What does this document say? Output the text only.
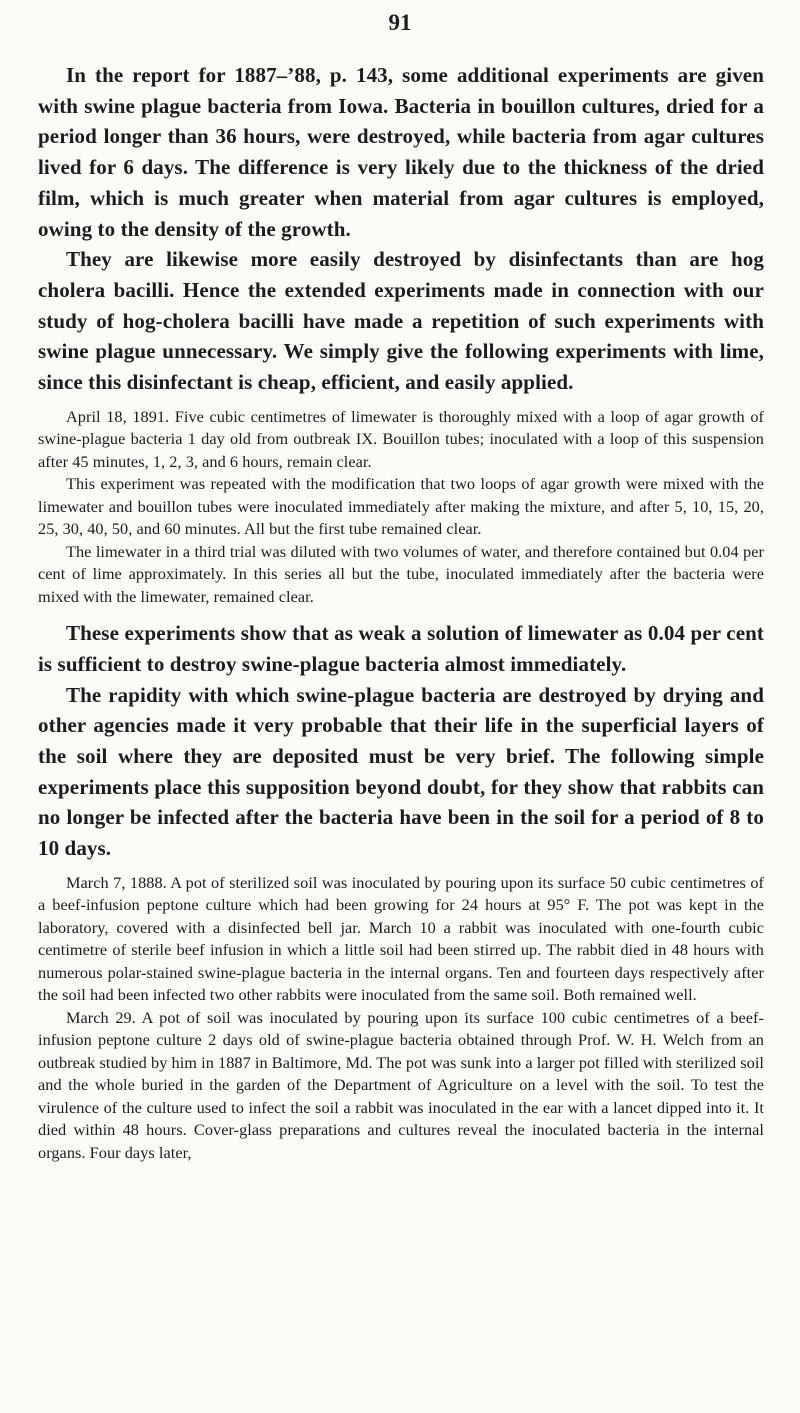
91

In the report for 1887–’88, p. 143, some additional experiments are given with swine plague bacteria from Iowa. Bacteria in bouillon cultures, dried for a period longer than 36 hours, were destroyed, while bacteria from agar cultures lived for 6 days. The difference is very likely due to the thickness of the dried film, which is much greater when material from agar cultures is employed, owing to the density of the growth.

They are likewise more easily destroyed by disinfectants than are hog cholera bacilli. Hence the extended experiments made in connection with our study of hog-cholera bacilli have made a repetition of such experiments with swine plague unnecessary. We simply give the following experiments with lime, since this disinfectant is cheap, efficient, and easily applied.

April 18, 1891. Five cubic centimetres of limewater is thoroughly mixed with a loop of agar growth of swine-plague bacteria 1 day old from outbreak IX. Bouillon tubes; inoculated with a loop of this suspension after 45 minutes, 1, 2, 3, and 6 hours, remain clear.

This experiment was repeated with the modification that two loops of agar growth were mixed with the limewater and bouillon tubes were inoculated immediately after making the mixture, and after 5, 10, 15, 20, 25, 30, 40, 50, and 60 minutes. All but the first tube remained clear.

The limewater in a third trial was diluted with two volumes of water, and therefore contained but 0.04 per cent of lime approximately. In this series all but the tube, inoculated immediately after the bacteria were mixed with the limewater, remained clear.

These experiments show that as weak a solution of limewater as 0.04 per cent is sufficient to destroy swine-plague bacteria almost immediately.

The rapidity with which swine-plague bacteria are destroyed by drying and other agencies made it very probable that their life in the superficial layers of the soil where they are deposited must be very brief. The following simple experiments place this supposition beyond doubt, for they show that rabbits can no longer be infected after the bacteria have been in the soil for a period of 8 to 10 days.

March 7, 1888. A pot of sterilized soil was inoculated by pouring upon its surface 50 cubic centimetres of a beef-infusion peptone culture which had been growing for 24 hours at 95° F. The pot was kept in the laboratory, covered with a disinfected bell jar. March 10 a rabbit was inoculated with one-fourth cubic centimetre of sterile beef infusion in which a little soil had been stirred up. The rabbit died in 48 hours with numerous polar-stained swine-plague bacteria in the internal organs. Ten and fourteen days respectively after the soil had been infected two other rabbits were inoculated from the same soil. Both remained well.

March 29. A pot of soil was inoculated by pouring upon its surface 100 cubic centimetres of a beef-infusion peptone culture 2 days old of swine-plague bacteria obtained through Prof. W. H. Welch from an outbreak studied by him in 1887 in Baltimore, Md. The pot was sunk into a larger pot filled with sterilized soil and the whole buried in the garden of the Department of Agriculture on a level with the soil. To test the virulence of the culture used to infect the soil a rabbit was inoculated in the ear with a lancet dipped into it. It died within 48 hours. Cover-glass preparations and cultures reveal the inoculated bacteria in the internal organs. Four days later,
